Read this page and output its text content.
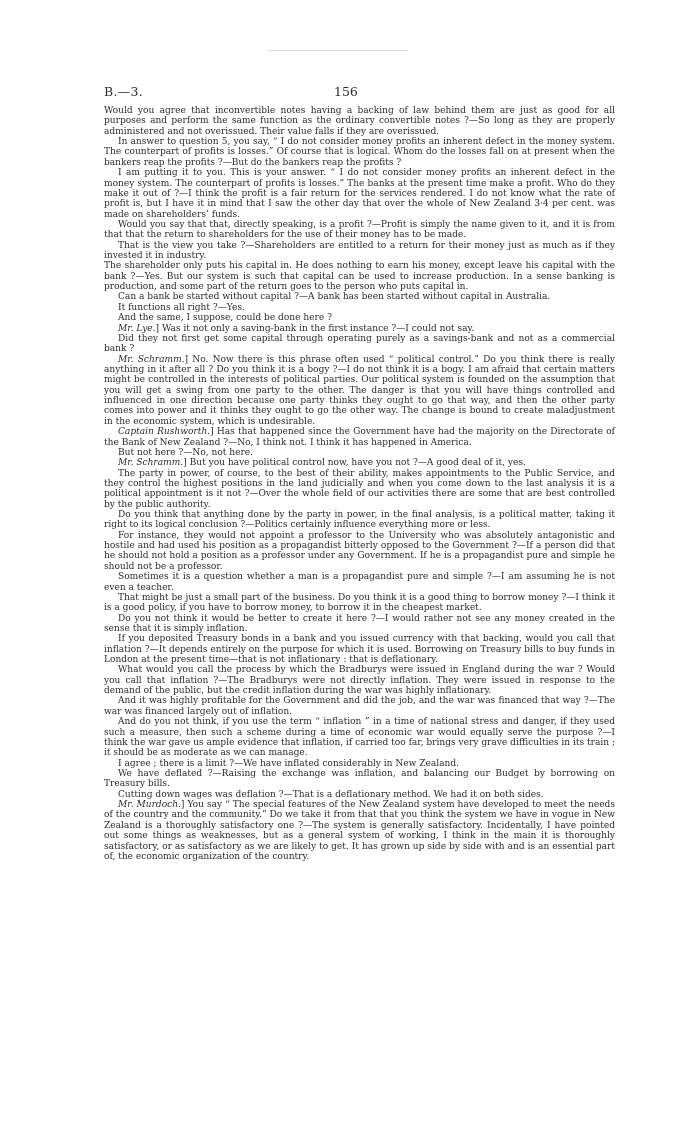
B.—3.	156

Would you agree that inconvertible notes having a backing of law behind them are just as good for all purposes and perform the same function as the ordinary convertible notes ?—So long as they are properly administered and not overissued. Their value falls if they are overissued.

In answer to question 5, you say, “ I do not consider money profits an inherent defect in the money system. The counterpart of profits is losses.” Of course that is logical. Whom do the losses fall on at present when the bankers reap the profits ?—But do the bankers reap the profits ?

I am putting it to you. This is your answer. “ I do not consider money profits an inherent defect in the money system. The counterpart of profits is losses.” The banks at the present time make a profit. Who do they make it out of ?—I think the profit is a fair return for the services rendered. I do not know what the rate of profit is, but I have it in mind that I saw the other day that over the whole of New Zealand 3·4 per cent. was made on shareholders’ funds.

Would you say that that, directly speaking, is a profit ?—Profit is simply the name given to it, and it is from that that the return to shareholders for the use of their money has to be made.

That is the view you take ?—Shareholders are entitled to a return for their money just as much as if they invested it in industry.

The shareholder only puts his capital in. He does nothing to earn his money, except leave his capital with the bank ?—Yes. But our system is such that capital can be used to increase production. In a sense banking is production, and some part of the return goes to the person who puts capital in.

Can a bank be started without capital ?—A bank has been started without capital in Australia.

It functions all right ?—Yes.

And the same, I suppose, could be done here ?

Mr. Lye.] Was it not only a saving-bank in the first instance ?—I could not say.

Did they not first get some capital through operating purely as a savings-bank and not as a commercial bank ?

Mr. Schramm.] No. Now there is this phrase often used “ political control.” Do you think there is really anything in it after all ? Do you think it is a bogy ?—I do not think it is a bogy. I am afraid that certain matters might be controlled in the interests of political parties. Our political system is founded on the assumption that you will get a swing from one party to the other. The danger is that you will have things controlled and influenced in one direction because one party thinks they ought to go that way, and then the other party comes into power and it thinks they ought to go the other way. The change is bound to create maladjustment in the economic system, which is undesirable.

Captain Rushworth.] Has that happened since the Government have had the majority on the Directorate of the Bank of New Zealand ?—No, I think not. I think it has happened in America.

But not here ?—No, not here.

Mr. Schramm.] But you have political control now, have you not ?—A good deal of it, yes.

The party in power, of course, to the best of their ability, makes appointments to the Public Service, and they control the highest positions in the land judicially and when you come down to the last analysis it is a political appointment is it not ?—Over the whole field of our activities there are some that are best controlled by the public authority.

Do you think that anything done by the party in power, in the final analysis, is a political matter, taking it right to its logical conclusion ?—Politics certainly influence everything more or less.

For instance, they would not appoint a professor to the University who was absolutely antagonistic and hostile and had used his position as a propagandist bitterly opposed to the Government ?—If a person did that he should not hold a position as a professor under any Government. If he is a propagandist pure and simple he should not be a professor.

Sometimes it is a question whether a man is a propagandist pure and simple ?—I am assuming he is not even a teacher.

That might be just a small part of the business. Do you think it is a good thing to borrow money ?—I think it is a good policy, if you have to borrow money, to borrow it in the cheapest market.

Do you not think it would be better to create it here ?—I would rather not see any money created in the sense that it is simply inflation.

If you deposited Treasury bonds in a bank and you issued currency with that backing, would you call that inflation ?—It depends entirely on the purpose for which it is used. Borrowing on Treasury bills to buy funds in London at the present time—that is not inflationary : that is deflationary.

What would you call the process by which the Bradburys were issued in England during the war ? Would you call that inflation ?—The Bradburys were not directly inflation. They were issued in response to the demand of the public, but the credit inflation during the war was highly inflationary.

And it was highly profitable for the Government and did the job, and the war was financed that way ?—The war was financed largely out of inflation.

And do you not think, if you use the term “ inflation ” in a time of national stress and danger, if they used such a measure, then such a scheme during a time of economic war would equally serve the purpose ?—I think the war gave us ample evidence that inflation, if carried too far, brings very grave difficulties in its train ; it should be as moderate as we can manage.

I agree ; there is a limit ?—We have inflated considerably in New Zealand.

We have deflated ?—Raising the exchange was inflation, and balancing our Budget by borrowing on Treasury bills.

Cutting down wages was deflation ?—That is a deflationary method. We had it on both sides.

Mr. Murdoch.] You say “ The special features of the New Zealand system have developed to meet the needs of the country and the community.” Do we take it from that that you think the system we have in vogue in New Zealand is a thoroughly satisfactory one ?—The system is generally satisfactory. Incidentally, I have pointed out some things as weaknesses, but as a general system of working, I think in the main it is thoroughly satisfactory, or as satisfactory as we are likely to get. It has grown up side by side with and is an essential part of, the economic organization of the country.
